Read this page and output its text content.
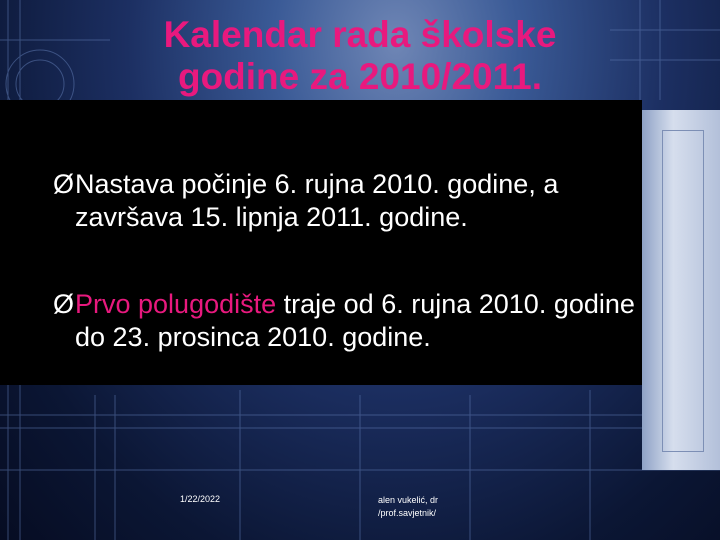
Kalendar rada školske
godine za 2010/2011.
Ø Nastava počinje 6. rujna 2010. godine, a završava 15. lipnja 2011. godine.
Ø Prvo polugodište traje od 6. rujna 2010. godine do 23. prosinca 2010. godine.
1/22/2022	alen vukelić, dr
/prof.savjetnik/
